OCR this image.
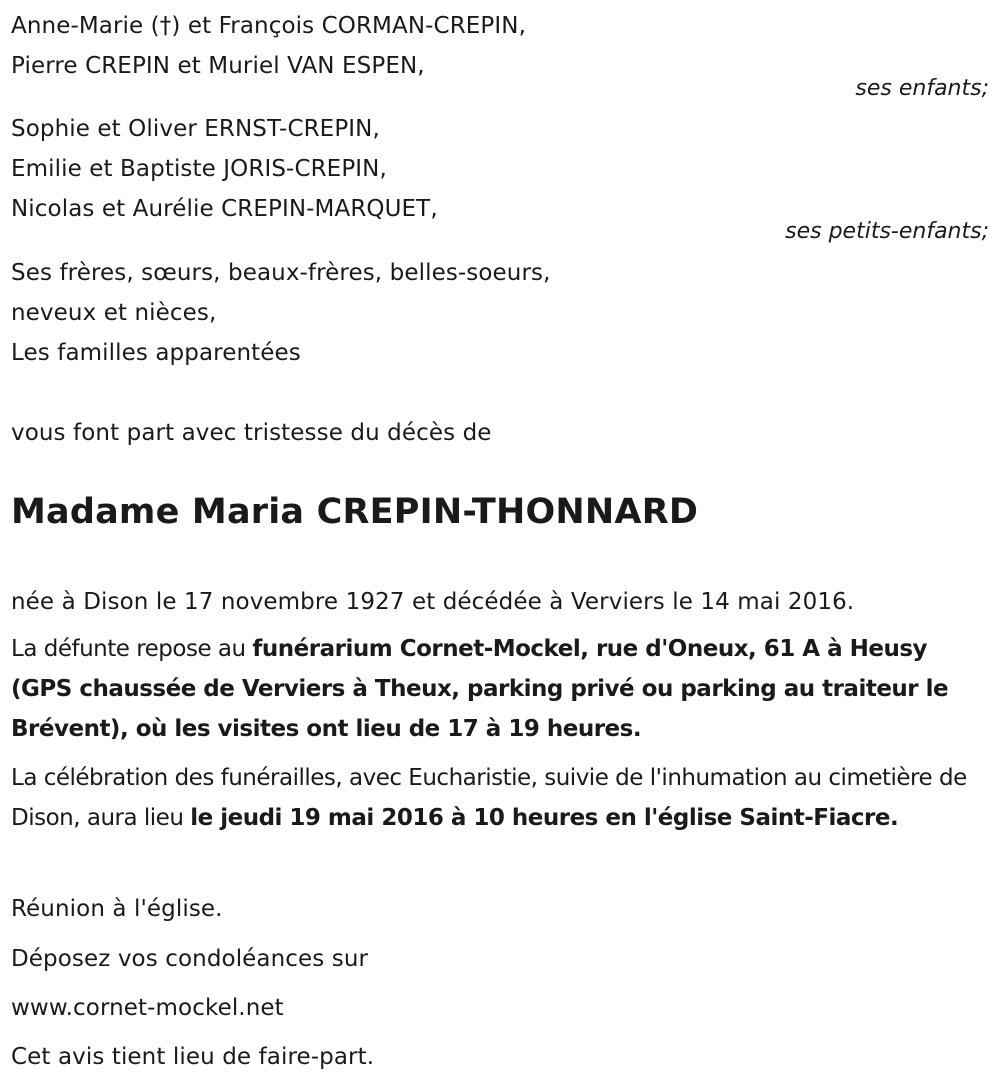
Anne-Marie (†) et François CORMAN-CREPIN,
Pierre CREPIN et Muriel VAN ESPEN,
ses enfants;
Sophie et Oliver ERNST-CREPIN,
Emilie et Baptiste JORIS-CREPIN,
Nicolas et Aurélie CREPIN-MARQUET,
ses petits-enfants;
Ses frères, sœurs, beaux-frères, belles-soeurs,
neveux et nièces,
Les familles apparentées
vous font part avec tristesse du décès de
Madame Maria CREPIN-THONNARD
née à Dison le 17 novembre 1927 et décédée à Verviers le 14 mai 2016.
La défunte repose au funérarium Cornet-Mockel, rue d'Oneux, 61 A à Heusy (GPS chaussée de Verviers à Theux, parking privé ou parking au traiteur le Brévent), où les visites ont lieu de 17 à 19 heures.
La célébration des funérailles, avec Eucharistie, suivie de l'inhumation au cimetière de Dison, aura lieu le jeudi 19 mai 2016 à 10 heures en l'église Saint-Fiacre.
Réunion à l'église.
Déposez vos condoléances sur
www.cornet-mockel.net
Cet avis tient lieu de faire-part.
